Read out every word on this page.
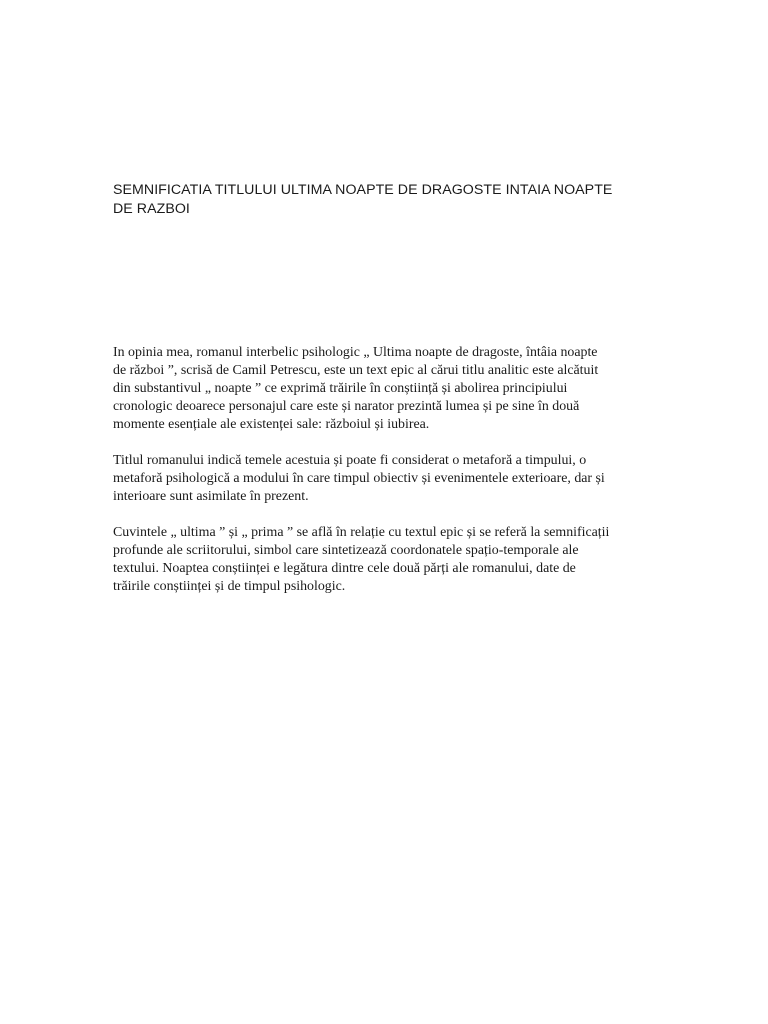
SEMNIFICATIA TITLULUI ULTIMA NOAPTE DE DRAGOSTE INTAIA NOAPTE
DE RAZBOI

In opinia mea, romanul interbelic psihologic „ Ultima noapte de dragoste, întâia noapte
de război ”, scrisă de Camil Petrescu, este un text epic al cărui titlu analitic este alcătuit
din substantivul „ noapte ” ce exprimă trăirile în conștiință și abolirea principiului
cronologic deoarece personajul care este și narator prezintă lumea și pe sine în două
momente esențiale ale existenței sale: războiul și iubirea.

Titlul romanului indică temele acestuia și poate fi considerat o metaforă a timpului, o
metaforă psihologică a modului în care timpul obiectiv și evenimentele exterioare, dar și
interioare sunt asimilate în prezent.

Cuvintele „ ultima ” și „ prima ” se află în relație cu textul epic și se referă la semnificații
profunde ale scriitorului, simbol care sintetizează coordonatele spațio-temporale ale
textului. Noaptea conștiinței e legătura dintre cele două părți ale romanului, date de
trăirile conștiinței și de timpul psihologic.
